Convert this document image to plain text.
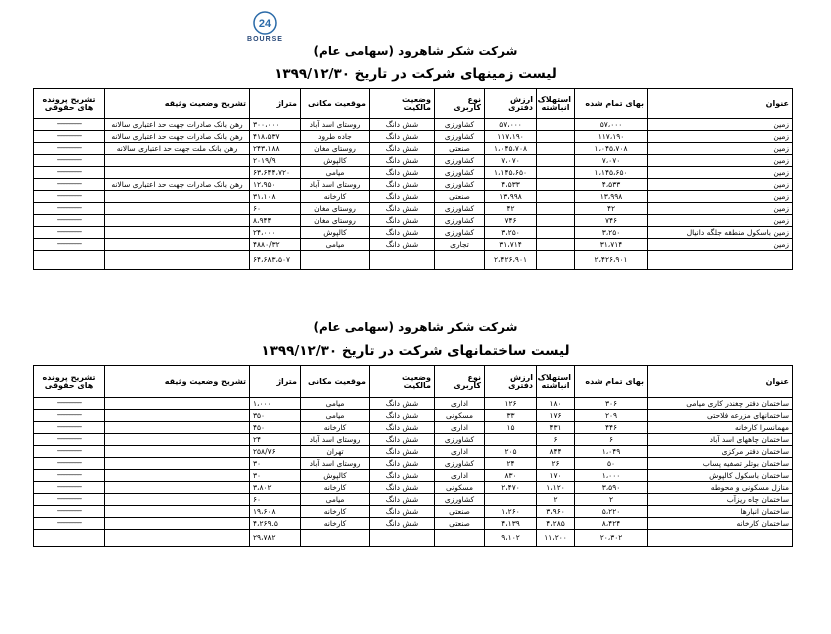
24
BOURSE
شرکت شکر شاهرود (سهامی عام)
لیست زمینهای شرکت در تاریخ ۱۳۹۹/۱۲/۳۰
عنوان	بهای تمام شده	استهلاک انباشته	ارزش دفتری	نوع کاربری	وضعیت مالکیت	موقعیت مکانی	متراژ	تشریح وضعیت وثیقه	تشریح پرونده های حقوقی
زمین	۵۷،۰۰۰		۵۷،۰۰۰	کشاورزی	شش دانگ	روستای اسد آباد	۳۰۰،۰۰۰	رهن بانک صادرات جهت حد اعتباری سالانه	----------------
زمین	۱۱۷،۱۹۰		۱۱۷،۱۹۰	کشاورزی	شش دانگ	جاده طرود	۴۱۸،۵۳۷	رهن بانک صادرات جهت حد اعتباری سالانه	----------------
زمین	۱،۰۴۵،۷۰۸		۱،۰۴۵،۷۰۸	صنعتی	شش دانگ	روستای مغان	۲۴۳،۱۸۸	رهن بانک ملت جهت حد اعتباری سالانه	----------------
زمین	۷،۰۷۰		۷،۰۷۰	کشاورزی	شش دانگ	کالپوش	۲۰۱۹/۹		----------------
زمین	۱،۱۴۵،۶۵۰		۱،۱۴۵،۶۵۰	کشاورزی	شش دانگ	میامی	۶۳،۶۴۴،۷۲۰		----------------
زمین	۴،۵۳۳		۴،۵۳۳	کشاورزی	شش دانگ	روستای اسد آباد	۱۲،۹۵۰	رهن بانک صادرات جهت حد اعتباری سالانه	----------------
زمین	۱۳،۹۹۸		۱۳،۹۹۸	صنعتی	شش دانگ	کارخانه	۳۱،۱۰۸		----------------
زمین	۴۲		۴۲	کشاورزی	شش دانگ	روستای مغان	۶۰		----------------
زمین	۷۴۶		۷۴۶	کشاورزی	شش دانگ	روستای مغان	۸،۹۴۴		----------------
زمین باسکول منطقه جلگه دانیال	۳،۲۵۰		۳،۲۵۰	کشاورزی	شش دانگ	کالپوش	۲۴،۰۰۰		----------------
زمین	۳۱،۷۱۴		۳۱،۷۱۴	تجاری	شش دانگ	میامی	۴۸۸۰/۳۲		----------------
	۲،۴۲۶،۹۰۱		۲،۴۲۶،۹۰۱				۶۴،۶۸۳،۵۰۷		
شرکت شکر شاهرود (سهامی عام)
لیست ساختمانهای شرکت در تاریخ ۱۳۹۹/۱۲/۳۰
عنوان	بهای تمام شده	استهلاک انباشته	ارزش دفتری	نوع کاربری	وضعیت مالکیت	موقعیت مکانی	متراژ	تشریح وضعیت وثیقه	تشریح پرونده های حقوقی
ساختمان دفتر چغندر کاری میامی	۳۰۶	۱۸۰	۱۲۶	اداری	شش دانگ	میامی	۱،۰۰۰		----------------
ساختمانهای مزرعه فلاحتی	۲۰۹	۱۷۶	۳۳	مسکونی	شش دانگ	میامی	۳۵۰		----------------
مهمانسرا کارخانه	۴۴۶	۴۳۱	۱۵	اداری	شش دانگ	کارخانه	۴۵۰		----------------
ساختمان چاههای اسد آباد	۶	۶		کشاورزی	شش دانگ	روستای اسد آباد	۲۴		----------------
ساختمان دفتر مرکزی	۱،۰۴۹	۸۴۴	۲۰۵	اداری	شش دانگ	تهران	۲۵۸/۷۶		----------------
ساختمان بوتلر تصفیه پساب	۵۰	۲۶	۲۴	کشاورزی	شش دانگ	روستای اسد آباد	۳۰		----------------
ساختمان باسکول کالپوش	۱،۰۰۰	۱۷۰	۸۳۰	اداری	شش دانگ	کالپوش	۳۰		----------------
منازل مسکونی و محوطه	۳،۵۹۰	۱،۱۲۰	۲،۴۷۰	مسکونی	شش دانگ	کارخانه	۳،۸۰۲		----------------
ساختمان چاه ریزآب	۲	۲		کشاورزی	شش دانگ	میامی	۶۰		----------------
ساختمان انبارها	۵،۲۲۰	۳،۹۶۰	۱،۲۶۰	صنعتی	شش دانگ	کارخانه	۱۹،۶۰۸		----------------
ساختمان کارخانه	۸،۴۲۴	۴،۲۸۵	۴،۱۳۹	صنعتی	شش دانگ	کارخانه	۴،۲۶۹.۵		----------------
	۲۰،۳۰۲	۱۱،۲۰۰	۹،۱۰۲				۲۹،۷۸۲		
